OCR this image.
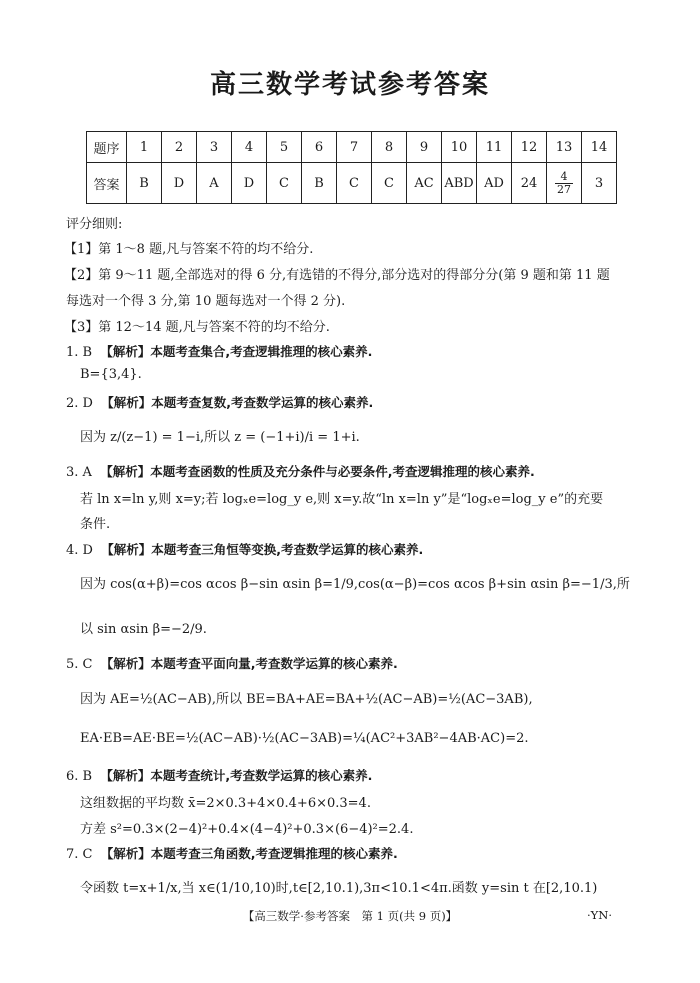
高三数学考试参考答案
题序	1	2	3	4	5	6	7	8	9	10	11	12	13	14
答案	B	D	A	D	C	B	C	C	AC	ABD	AD	24	$\frac{4}{27}$	3
评分细则:
【1】第 1～8 题,凡与答案不符的均不给分.
【2】第 9～11 题,全部选对的得 6 分,有选错的不得分,部分选对的得部分分(第 9 题和第 11 题
每选对一个得 3 分,第 10 题每选对一个得 2 分).
【3】第 12～14 题,凡与答案不符的均不给分.
1. B 【解析】本题考查集合,考查逻辑推理的核心素养.
B={3,4}.
2. D 【解析】本题考查复数,考查数学运算的核心素养.
因为 z/(z−1) = 1−i,所以 z = (−1+i)/i = 1+i.
3. A 【解析】本题考查函数的性质及充分条件与必要条件,考查逻辑推理的核心素养.
若 ln x=ln y,则 x=y;若 logₓe=log_y e,则 x=y.故“ln x=ln y”是“logₓe=log_y e”的充要
条件.
4. D 【解析】本题考查三角恒等变换,考查数学运算的核心素养.
因为 cos(α+β)=cos αcos β−sin αsin β=1/9,cos(α−β)=cos αcos β+sin αsin β=−1/3,所
以 sin αsin β=−2/9.
5. C 【解析】本题考查平面向量,考查数学运算的核心素养.
因为 AE=½(AC−AB),所以 BE=BA+AE=BA+½(AC−AB)=½(AC−3AB),
EA·EB=AE·BE=½(AC−AB)·½(AC−3AB)=¼(AC²+3AB²−4AB·AC)=2.
6. B 【解析】本题考查统计,考查数学运算的核心素养.
这组数据的平均数 x̄=2×0.3+4×0.4+6×0.3=4.
方差 s²=0.3×(2−4)²+0.4×(4−4)²+0.3×(6−4)²=2.4.
7. C 【解析】本题考查三角函数,考查逻辑推理的核心素养.
令函数 t=x+1/x,当 x∈(1/10,10)时,t∈[2,10.1),3π<10.1<4π.函数 y=sin t 在[2,10.1)
【高三数学·参考答案　第 1 页(共 9 页)】	·YN·
